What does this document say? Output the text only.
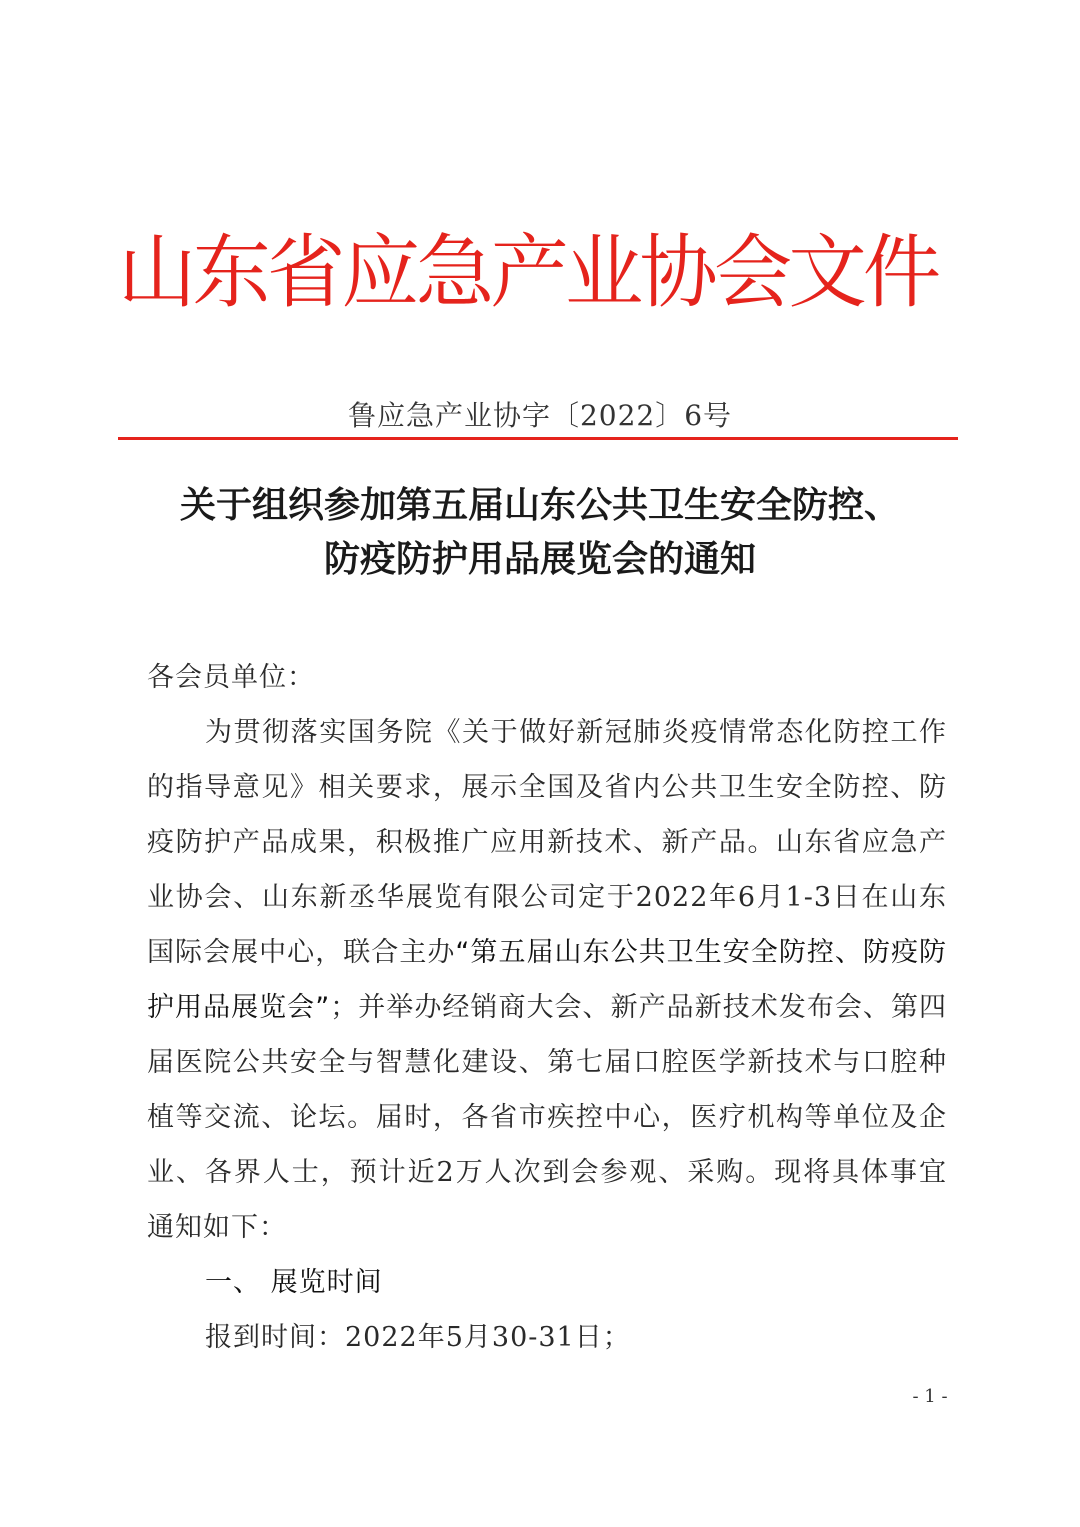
山东省应急产业协会文件
鲁应急产业协字〔2022〕6号
关于组织参加第五届山东公共卫生安全防控、
防疫防护用品展览会的通知

各会员单位：

为贯彻落实国务院《关于做好新冠肺炎疫情常态化防控工作的指导意见》相关要求，展示全国及省内公共卫生安全防控、防疫防护产品成果，积极推广应用新技术、新产品。山东省应急产业协会、山东新丞华展览有限公司定于2022年6月1-3日在山东国际会展中心，联合主办“第五届山东公共卫生安全防控、防疫防护用品展览会”；并举办经销商大会、新产品新技术发布会、第四届医院公共安全与智慧化建设、第七届口腔医学新技术与口腔种植等交流、论坛。届时，各省市疾控中心，医疗机构等单位及企业、各界人士，预计近2万人次到会参观、采购。现将具体事宜通知如下：

一、 展览时间

报到时间：2022年5月30-31日；

- 1 -
